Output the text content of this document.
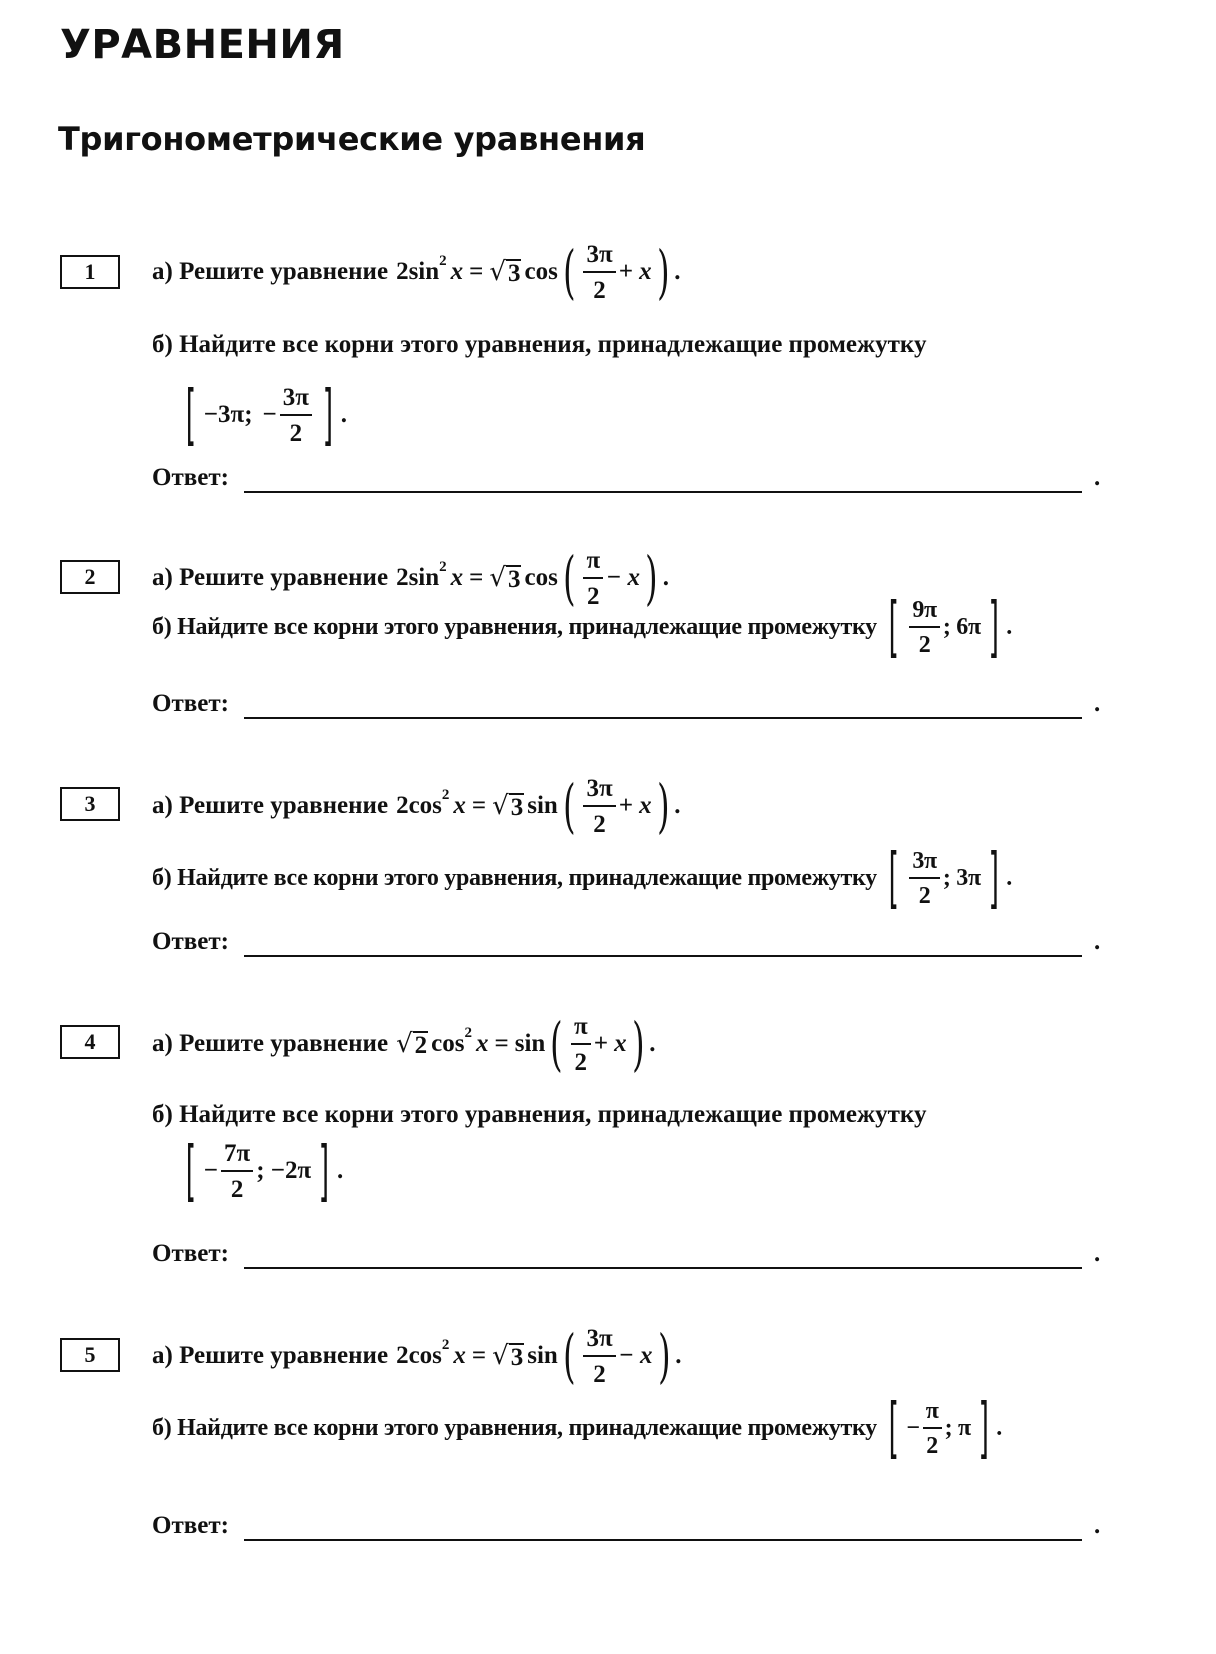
УРАВНЕНИЯ
Тригонометрические уравнения
1	а) Решите уравнение 2sin 2 x = √ 3 cos ( 3π
2
+ x ) .
б) Найдите все корни этого уравнения, принадлежащие промежутку
[ −3π; − $\frac{3\pi}{2}$ ] .
Ответ:	.
2	а) Решите уравнение 2sin 2 x = √ 3 cos ( π
2
− x ) .
б) Найдите все корни этого уравнения, принадлежащие промежутку [ 9π
2
; 6π ] .
Ответ:	.
3	а) Решите уравнение 2cos 2 x = √ 3 sin ( 3π
2
+ x ) .
б) Найдите все корни этого уравнения, принадлежащие промежутку [ 3π
2
; 3π ] .
Ответ:	.
4	а) Решите уравнение √ 2 cos 2 x = sin ( π
2
+ x ) .
б) Найдите все корни этого уравнения, принадлежащие промежутку
[ − $\frac{7\pi}{2}$ ; −2π ] .
Ответ:	.
5	а) Решите уравнение 2cos 2 x = √ 3 sin ( 3π
2
− x ) .
б) Найдите все корни этого уравнения, принадлежащие промежутку [ − $\frac{\pi}{2}$ ; π ] .
Ответ:	.
